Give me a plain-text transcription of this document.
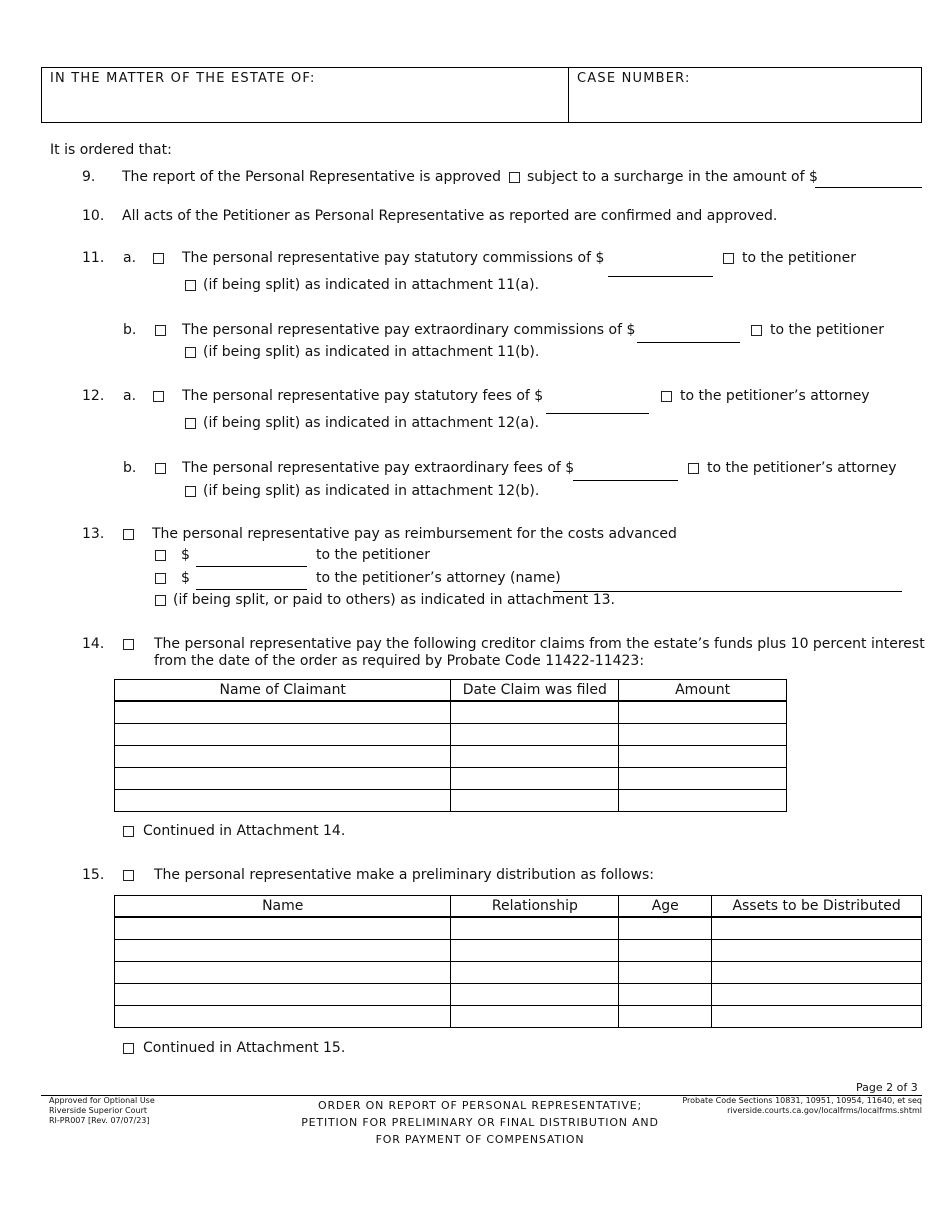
IN THE MATTER OF THE ESTATE OF:	CASE NUMBER:
It is ordered that:
9. The report of the Personal Representative is approved subject to a surcharge in the amount of $
10. All acts of the Petitioner as Personal Representative as reported are confirmed and approved.
11. a.	The personal representative pay statutory commissions of $	to the petitioner
(if being split) as indicated in attachment 11(a).
b.	The personal representative pay extraordinary commissions of $	to the petitioner
(if being split) as indicated in attachment 11(b).
12. a.	The personal representative pay statutory fees of $	to the petitioner’s attorney
(if being split) as indicated in attachment 12(a).
b.	The personal representative pay extraordinary fees of $	to the petitioner’s attorney
(if being split) as indicated in attachment 12(b).
13.	The personal representative pay as reimbursement for the costs advanced
$	to the petitioner
$	to the petitioner’s attorney (name)
(if being split, or paid to others) as indicated in attachment 13.
14.	The personal representative pay the following creditor claims from the estate’s funds plus 10 percent interest
from the date of the order as required by Probate Code 11422-11423:
Name of Claimant	Date Claim was filed	Amount

Continued in Attachment 14.
15.	The personal representative make a preliminary distribution as follows:
Name	Relationship	Age	Assets to be Distributed

Continued in Attachment 15.
Page 2 of 3
Approved for Optional Use
Riverside Superior Court
RI-PR007 [Rev. 07/07/23]
ORDER ON REPORT OF PERSONAL REPRESENTATIVE;
PETITION FOR PRELIMINARY OR FINAL DISTRIBUTION AND
FOR PAYMENT OF COMPENSATION
Probate Code Sections 10831, 10951, 10954, 11640, et seq
riverside.courts.ca.gov/localfrms/localfrms.shtml
